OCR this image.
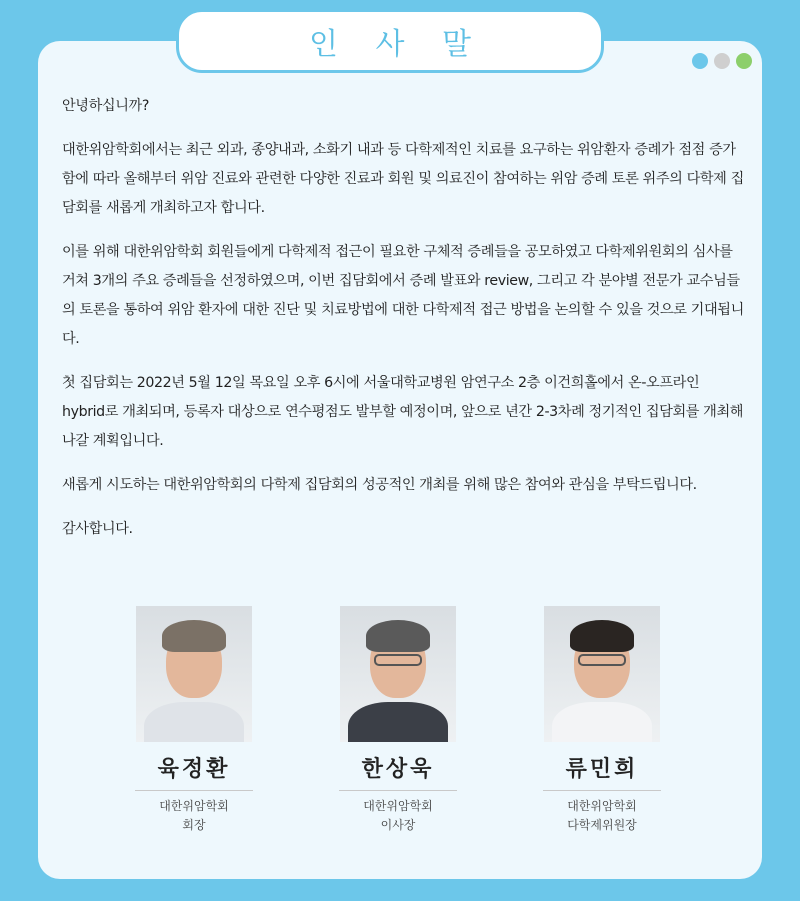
인 사 말

안녕하십니까?

대한위암학회에서는 최근 외과, 종양내과, 소화기 내과 등 다학제적인 치료를 요구하는 위암환자 증례가 점점 증가함에 따라 올해부터 위암 진료와 관련한 다양한 진료과 회원 및 의료진이 참여하는 위암 증례 토론 위주의 다학제 집담회를 새롭게 개최하고자 합니다.

이를 위해 대한위암학회 회원들에게 다학제적 접근이 필요한 구체적 증례들을 공모하였고 다학제위원회의 심사를 거쳐 3개의 주요 증례들을 선정하였으며, 이번 집담회에서 증례 발표와 review, 그리고 각 분야별 전문가 교수님들의 토론을 통하여 위암 환자에 대한 진단 및 치료방법에 대한 다학제적 접근 방법을 논의할 수 있을 것으로 기대됩니다.

첫 집담회는 2022년 5월 12일 목요일 오후 6시에 서울대학교병원 암연구소 2층 이건희홀에서 온-오프라인 hybrid로 개최되며, 등록자 대상으로 연수평점도 발부할 예정이며, 앞으로 년간 2-3차례 정기적인 집담회를 개최해 나갈 계획입니다.

새롭게 시도하는 대한위암학회의 다학제 집담회의 성공적인 개최를 위해 많은 참여와 관심을 부탁드립니다.

감사합니다.

육정환
대한위암학회
회장
한상욱
대한위암학회
이사장
류민희
대한위암학회
다학제위원장
